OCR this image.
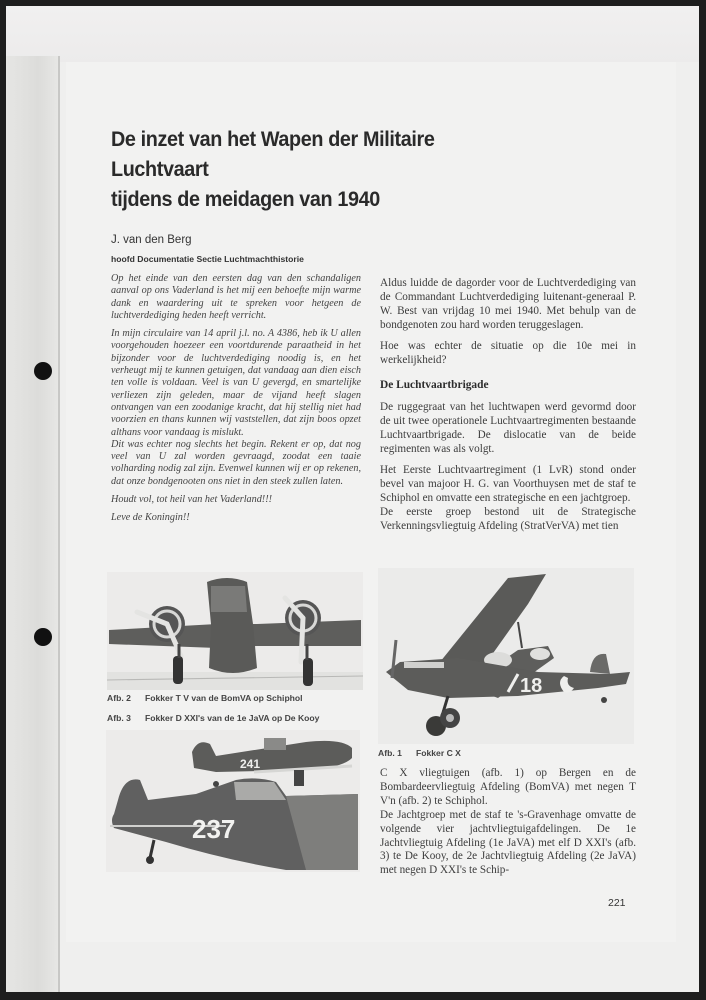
De inzet van het Wapen der Militaire Luchtvaart
tijdens de meidagen van 1940
J. van den Berg
hoofd Documentatie Sectie Luchtmachthistorie

Op het einde van den eersten dag van den schandaligen aanval op ons Vaderland is het mij een behoefte mijn warme dank en waardering uit te spreken voor hetgeen de luchtverdediging heden heeft verricht.

In mijn circulaire van 14 april j.l. no. A 4386, heb ik U allen voorgehouden hoezeer een voortdurende paraatheid in het bijzonder voor de luchtverdediging noodig is, en het verheugt mij te kunnen getuigen, dat vandaag aan dien eisch ten volle is voldaan. Veel is van U gevergd, en smartelijke verliezen zijn geleden, maar de vijand heeft slagen ontvangen van een zoodanige kracht, dat hij stellig niet had voorzien en thans kunnen wij vaststellen, dat zijn boos opzet althans voor vandaag is mislukt.

Dit was echter nog slechts het begin. Rekent er op, dat nog veel van U zal worden gevraagd, zoodat een taaie volharding nodig zal zijn. Evenwel kunnen wij er op rekenen, dat onze bondgenooten ons niet in den steek zullen laten.

Houdt vol, tot heil van het Vaderland!!!

Leve de Koningin!!

Aldus luidde de dagorder voor de Luchtverdediging van de Commandant Luchtverdediging luitenant-generaal P. W. Best van vrijdag 10 mei 1940. Met behulp van de bondgenoten zou hard worden teruggeslagen.

Hoe was echter de situatie op die 10e mei in werkelijkheid?

De Luchtvaartbrigade

De ruggegraat van het luchtwapen werd gevormd door de uit twee operationele Luchtvaartregimenten bestaande Luchtvaartbrigade. De dislocatie van de beide regimenten was als volgt.

Het Eerste Luchtvaartregiment (1 LvR) stond onder bevel van majoor H. G. van Voorthuysen met de staf te Schiphol en omvatte een strategische en een jachtgroep.

De eerste groep bestond uit de Strategische Verkenningsvliegtuig Afdeling (StratVerVA) met tien

Afb. 2 Fokker T V van de BomVA op Schiphol
Afb. 3 Fokker D XXI's van de 1e JaVA op De Kooy
241
237
18
Afb. 1 Fokker C X

C X vliegtuigen (afb. 1) op Bergen en de Bombardeervliegtuig Afdeling (BomVA) met negen T V'n (afb. 2) te Schiphol.

De Jachtgroep met de staf te 's-Gravenhage omvatte de volgende vier jachtvliegtuigafdelingen. De 1e Jachtvliegtuig Afdeling (1e JaVA) met elf D XXI's (afb. 3) te De Kooy, de 2e Jachtvliegtuig Afdeling (2e JaVA) met negen D XXI's te Schip-

221
